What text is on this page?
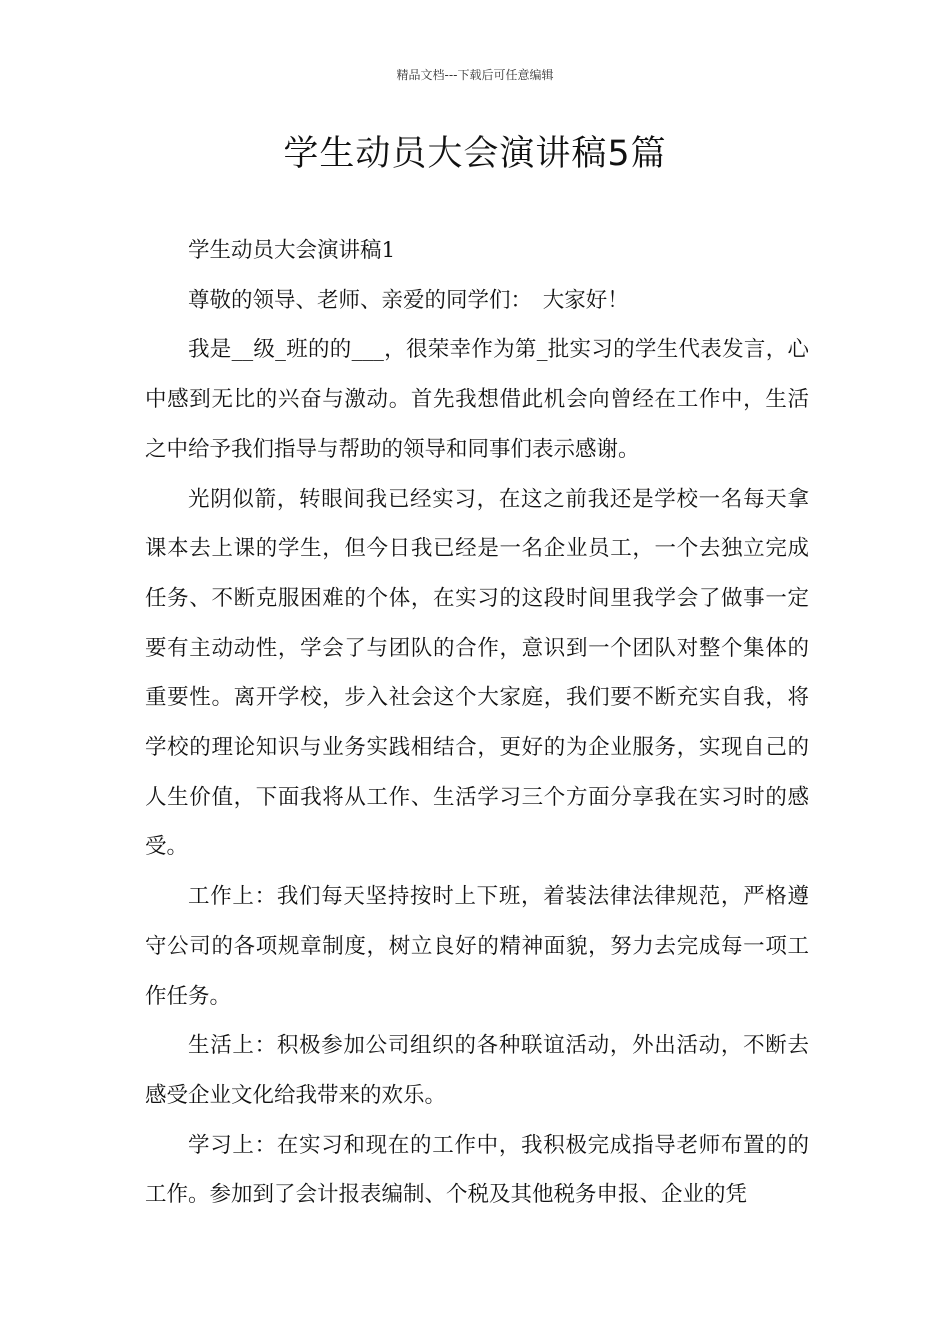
精品文档---下载后可任意编辑
学生动员大会演讲稿5篇

学生动员大会演讲稿1

尊敬的领导、老师、亲爱的同学们：　大家好！

我是__级_班的的___，很荣幸作为第_批实习的学生代表发言，心中感到无比的兴奋与激动。首先我想借此机会向曾经在工作中，生活之中给予我们指导与帮助的领导和同事们表示感谢。

光阴似箭，转眼间我已经实习，在这之前我还是学校一名每天拿课本去上课的学生，但今日我已经是一名企业员工，一个去独立完成任务、不断克服困难的个体，在实习的这段时间里我学会了做事一定要有主动动性，学会了与团队的合作，意识到一个团队对整个集体的重要性。离开学校，步入社会这个大家庭，我们要不断充实自我，将学校的理论知识与业务实践相结合，更好的为企业服务，实现自己的人生价值，下面我将从工作、生活学习三个方面分享我在实习时的感受。

工作上：我们每天坚持按时上下班，着装法律法律规范，严格遵守公司的各项规章制度，树立良好的精神面貌，努力去完成每一项工作任务。

生活上：积极参加公司组织的各种联谊活动，外出活动，不断去感受企业文化给我带来的欢乐。

学习上：在实习和现在的工作中，我积极完成指导老师布置的的工作。参加到了会计报表编制、个税及其他税务申报、企业的凭
